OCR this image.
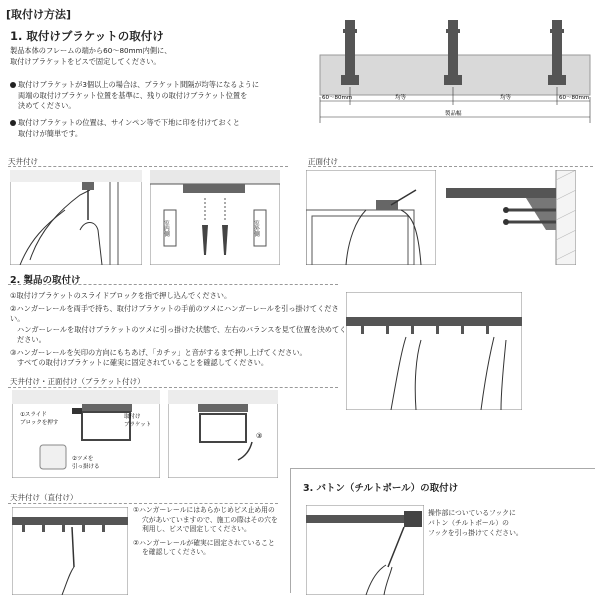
[取付け方法]
1. 取付けブラケットの取付け
製品本体のフレームの端から60～80mm内側に、
取付けブラケットをビスで固定してください。
取付けブラケットが3個以上の場合は、ブラケット間隔が均等になるように
両端の取付けブラケット位置を基準に、残りの取付けブラケット位置を
決めてください。
取付けブラケットの位置は、サインペン等で下地に印を付けておくと
取付けが簡単です。
60～80mm	均等	均等	60～80mm
製品幅
天井付け
室内側	室外側
正面付け
2. 製品の取付け
①取付けブラケットのスライドブロックを指で押し込んでください。
②ハンガーレールを両手で持ち、取付けブラケットの手前のツメにハンガーレールを引っ掛けてください。
ハンガーレールを取付けブラケットのツメに引っ掛けた状態で、左右のバランスを見て位置を決めてください。
③ハンガーレールを矢印の方向にもちあげ、「カチッ」と音がするまで押し上げてください。
すべての取付けブラケットに確実に固定されていることを確認してください。
天井付け・正面付け（ブラケット付け）
①スライド
ブロックを押す
取付け
ブラケット
②ツメを
引っ掛ける
③
天井付け（直付け）
①ハンガーレールにはあらかじめビス止め用の
穴があいていますので、施工の際はその穴を
利用し、ビスで固定してください。
②ハンガーレールが確実に固定されていること
を確認してください。
3. バトン（チルトポール）の取付け
操作部についているフックに
バトン（チルトポール）の
フックを引っ掛けてください。
